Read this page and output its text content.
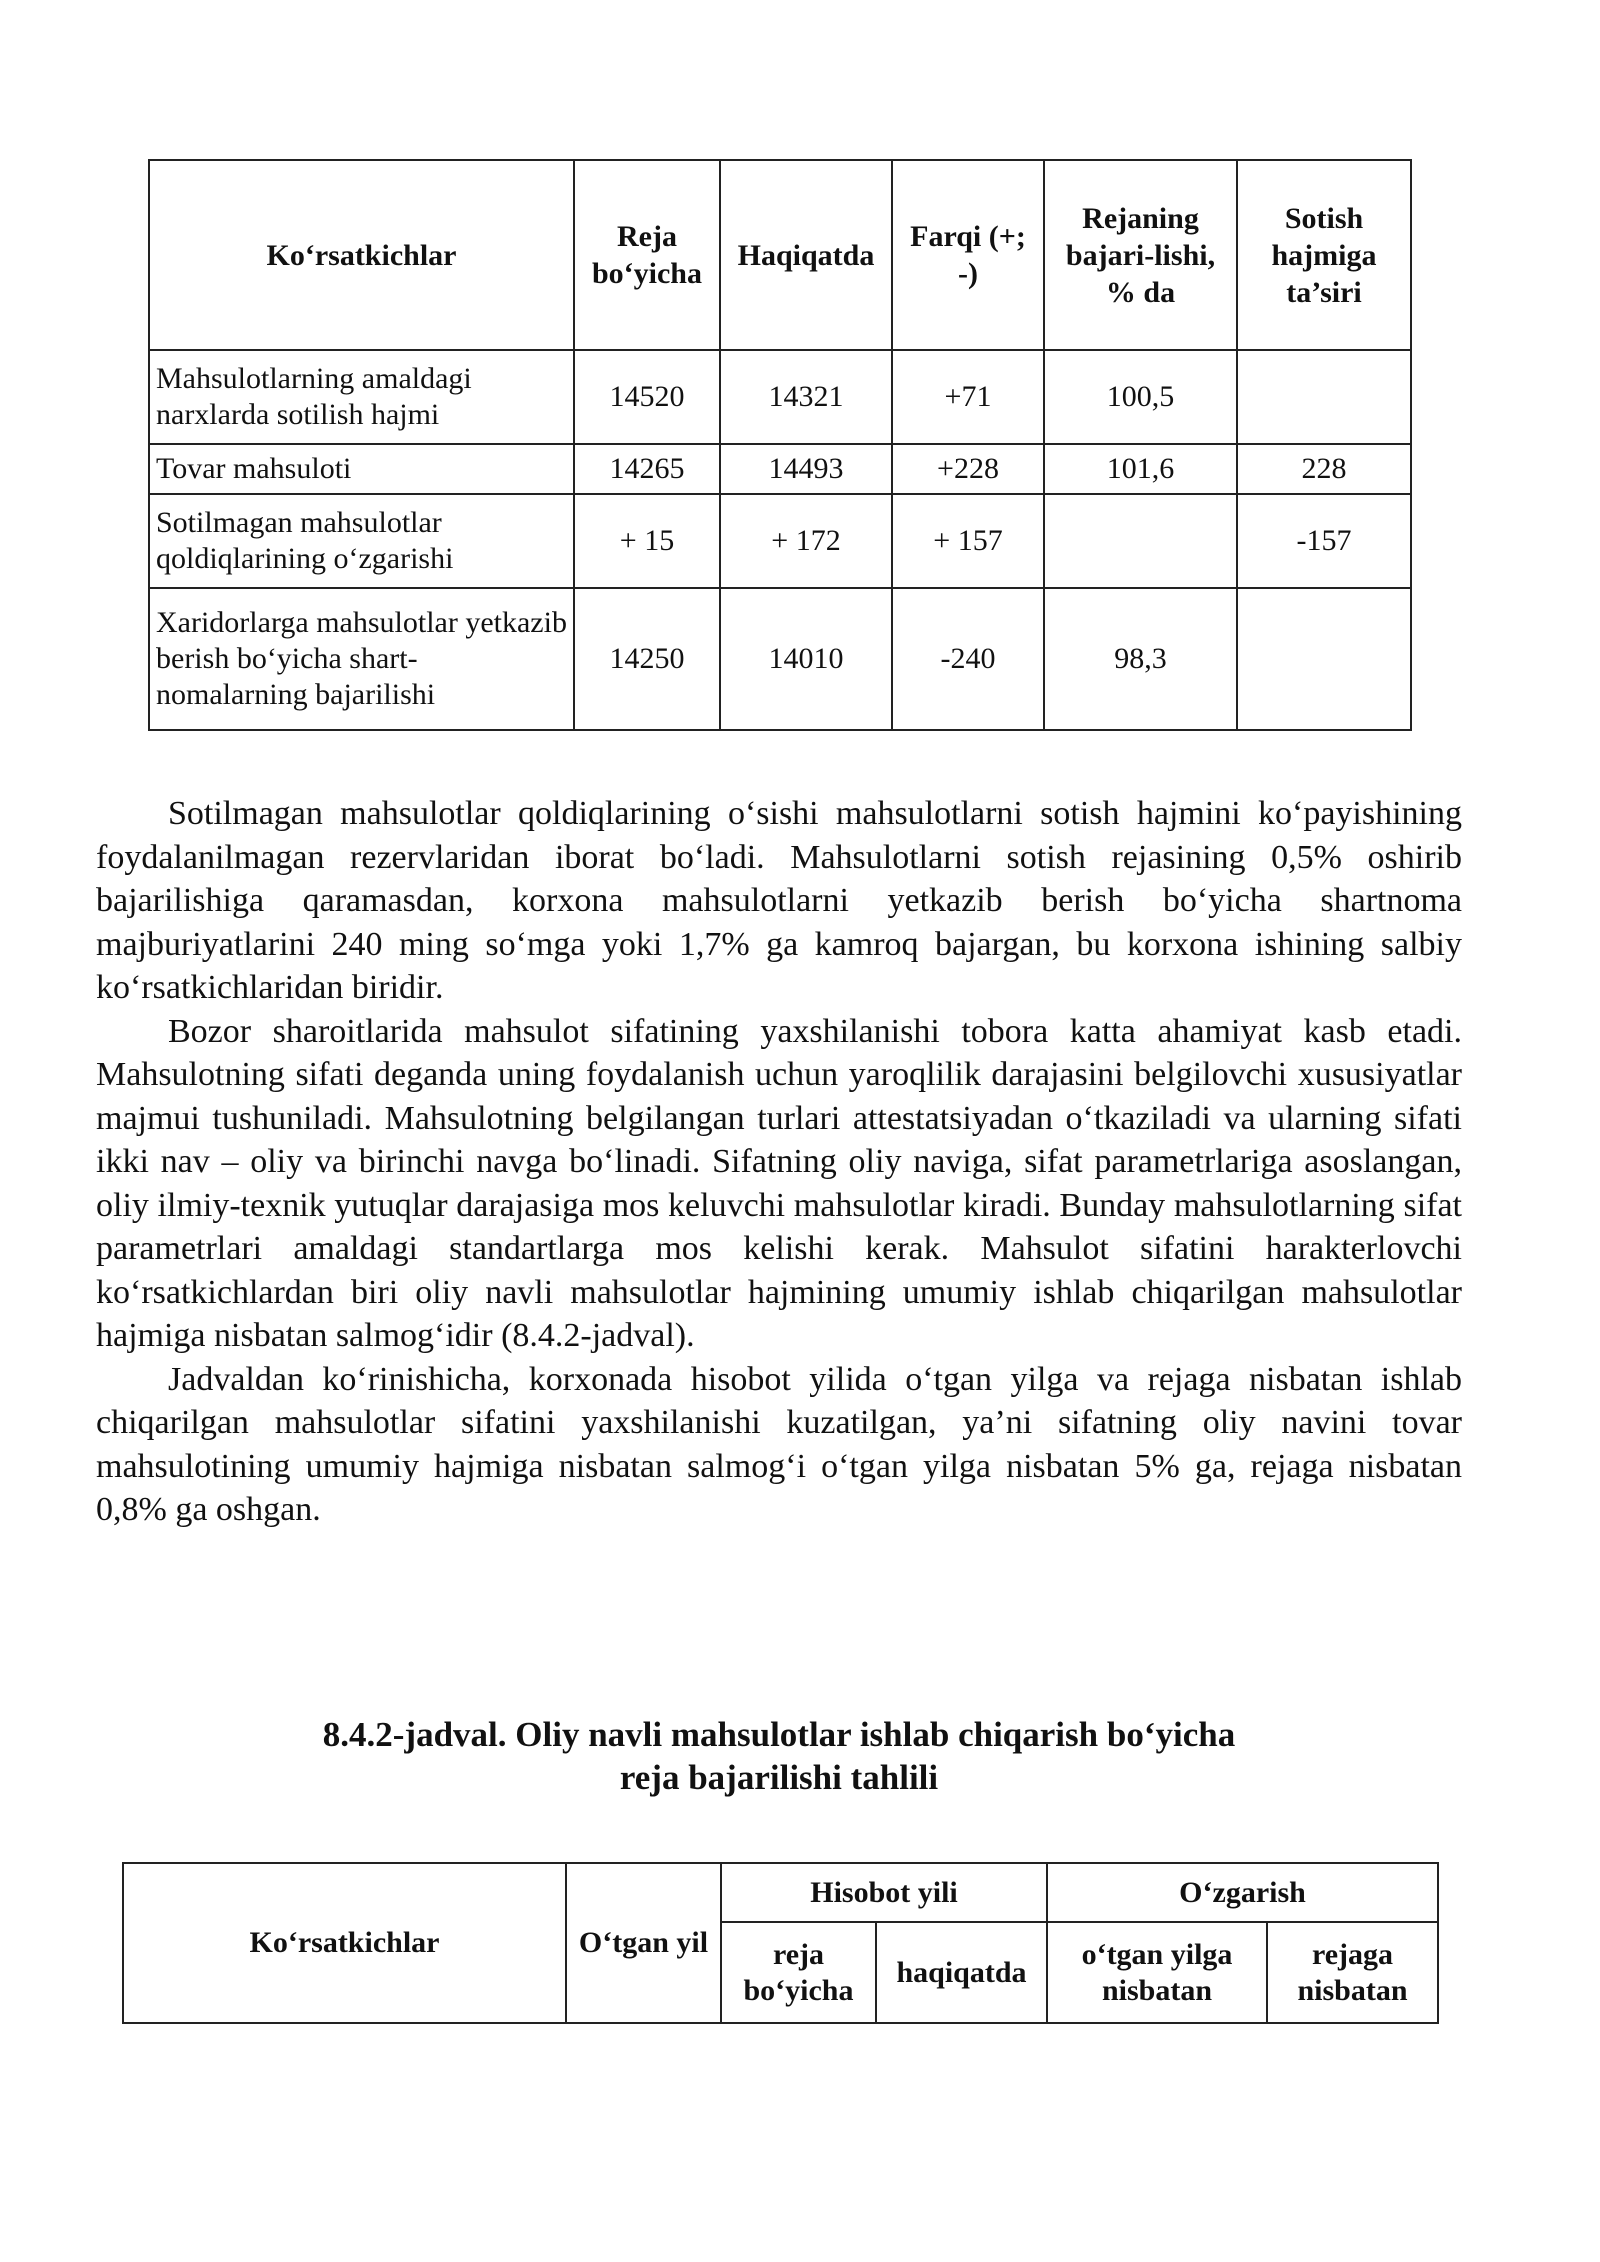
Ko‘rsatkichlar	Reja bo‘yicha	Haqiqatda	Farqi (+; -)	Rejaning bajari-lishi, % da	Sotish hajmiga ta’siri
Mahsulotlarning amaldagi narxlarda sotilish hajmi	14520	14321	+71	100,5	
Tovar mahsuloti	14265	14493	+228	101,6	228
Sotilmagan mahsulotlar qoldiqlarining o‘zgarishi	+ 15	+ 172	+ 157		-157
Xaridorlarga mahsulotlar yetkazib berish bo‘yicha shart-nomalarning bajarilishi	14250	14010	-240	98,3	

Sotilmagan mahsulotlar qoldiqlarining o‘sishi mahsulotlarni sotish hajmini ko‘payishining foydalanilmagan rezervlaridan iborat bo‘ladi. Mahsulotlarni sotish rejasining 0,5% oshirib bajarilishiga qaramasdan, korxona mahsulotlarni yetkazib berish bo‘yicha shartnoma majburiyatlarini 240 ming so‘mga yoki 1,7% ga kamroq bajargan, bu korxona ishining salbiy ko‘rsatkichlaridan biridir.

Bozor sharoitlarida mahsulot sifatining yaxshilanishi tobora katta ahamiyat kasb etadi. Mahsulotning sifati deganda uning foydalanish uchun yaroqlilik darajasini belgilovchi xususiyatlar majmui tushuniladi. Mahsulotning belgilangan turlari attestatsiyadan o‘tkaziladi va ularning sifati ikki nav – oliy va birinchi navga bo‘linadi. Sifatning oliy naviga, sifat parametrlariga asoslangan, oliy ilmiy-texnik yutuqlar darajasiga mos keluvchi mahsulotlar kiradi. Bunday mahsulotlarning sifat parametrlari amaldagi standartlarga mos kelishi kerak. Mahsulot sifatini harakterlovchi ko‘rsatkichlardan biri oliy navli mahsulotlar hajmining umumiy ishlab chiqarilgan mahsulotlar hajmiga nisbatan salmog‘idir (8.4.2-jadval).

Jadvaldan ko‘rinishicha, korxonada hisobot yilida o‘tgan yilga va rejaga nisbatan ishlab chiqarilgan mahsulotlar sifatini yaxshilanishi kuzatilgan, ya’ni sifatning oliy navini tovar mahsulotining umumiy hajmiga nisbatan salmog‘i o‘tgan yilga nisbatan 5% ga, rejaga nisbatan 0,8% ga oshgan.

8.4.2-jadval. Oliy navli mahsulotlar ishlab chiqarish bo‘yicha
reja bajarilishi tahlili
Ko‘rsatkichlar	O‘tgan yil	Hisobot yili		O‘zgarish	
		reja bo‘yicha	haqiqatda	o‘tgan yilga nisbatan	rejaga nisbatan
